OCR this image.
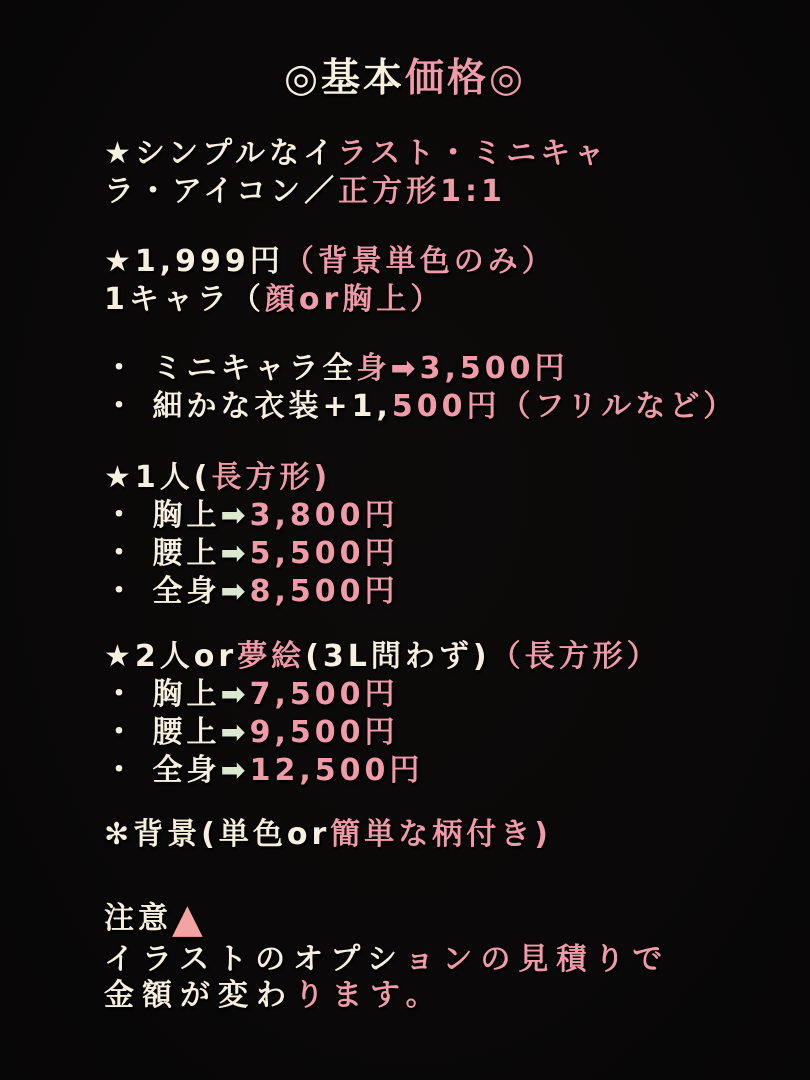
◎基本価格◎
★シンプルなイラスト・ミニキャ
ラ・アイコン／正方形1:1
★1,999円（背景単色のみ）
1キャラ（顔or胸上）
・ ミニキャラ全身➡3,500円
・ 細かな衣装+1,500円（フリルなど）
★1人(長方形)
・ 胸上➡3,800円
・ 腰上➡5,500円
・ 全身➡8,500円
★2人or夢絵(3L問わず)（長方形）
・ 胸上➡7,500円
・ 腰上➡9,500円
・ 全身➡12,500円
✻背景(単色or簡単な柄付き)
注意▲
イラストのオプションの見積りで
金額が変わります。
